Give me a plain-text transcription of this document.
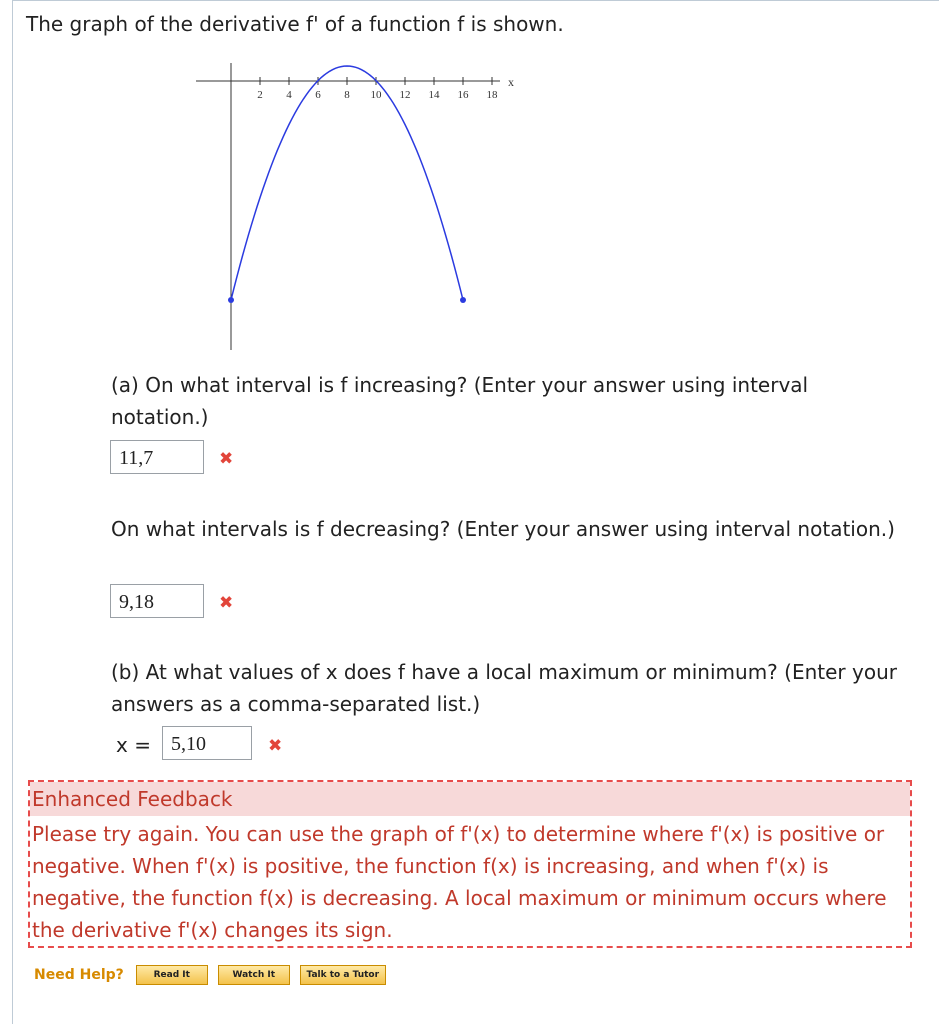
The graph of the derivative f' of a function f is shown.
2 4 6 8 10 12 14 16 18
x
(a) On what interval is f increasing? (Enter your answer using interval notation.)
11,7	✖
On what intervals is f decreasing? (Enter your answer using interval notation.)
9,18	✖
(b) At what values of x does f have a local maximum or minimum? (Enter your answers as a comma-separated list.)
x =	5,10	✖
Enhanced Feedback
Please try again. You can use the graph of f'(x) to determine where f'(x) is positive or negative. When f'(x) is positive, the function f(x) is increasing, and when f'(x) is negative, the function f(x) is decreasing. A local maximum or minimum occurs where the derivative f'(x) changes its sign.
Need Help?	Read It	Watch It	Talk to a Tutor
